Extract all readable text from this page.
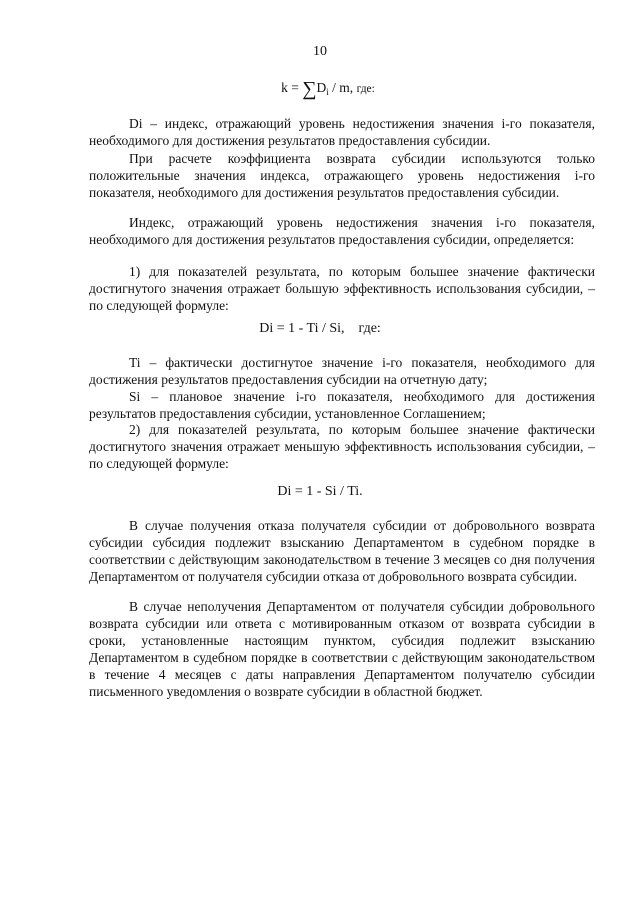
10
$k = \sum D_i / m$, где:

Di – индекс, отражающий уровень недостижения значения i-го показателя, необходимого для достижения результатов предоставления субсидии.

При расчете коэффициента возврата субсидии используются только положительные значения индекса, отражающего уровень недостижения i-го показателя, необходимого для достижения результатов предоставления субсидии.

Индекс, отражающий уровень недостижения значения i-го показателя, необходимого для достижения результатов предоставления субсидии, определяется:

1) для показателей результата, по которым большее значение фактически достигнутого значения отражает большую эффективность использования субсидии, – по следующей формуле:

Di = 1 - Ti / Si,    где:

Ti – фактически достигнутое значение i-го показателя, необходимого для достижения результатов предоставления субсидии на отчетную дату;

Si – плановое значение i-го показателя, необходимого для достижения результатов предоставления субсидии, установленное Соглашением;

2) для показателей результата, по которым большее значение фактически достигнутого значения отражает меньшую эффективность использования субсидии, – по следующей формуле:

Di = 1 - Si / Ti.

В случае получения отказа получателя субсидии от добровольного возврата субсидии субсидия подлежит взысканию Департаментом в судебном порядке в соответствии с действующим законодательством в течение 3 месяцев со дня получения Департаментом от получателя субсидии отказа от добровольного возврата субсидии.

В случае неполучения Департаментом от получателя субсидии добровольного возврата субсидии или ответа с мотивированным отказом от возврата субсидии в сроки, установленные настоящим пунктом, субсидия подлежит взысканию Департаментом в судебном порядке в соответствии с действующим законодательством в течение 4 месяцев с даты направления Департаментом получателю субсидии письменного уведомления о возврате субсидии в областной бюджет.
